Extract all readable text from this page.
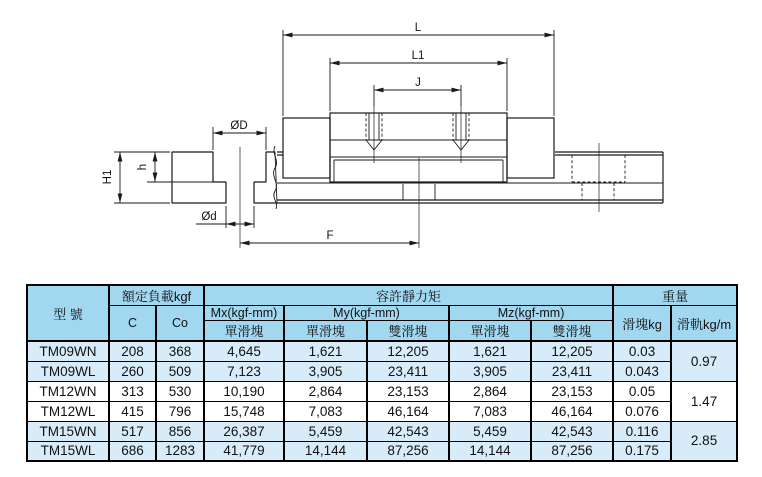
L
L1
J
ØD
H1
h
Ød
F
型 號	額定負載kgf		容許靜力矩					重量	
	C	Co	Mx(kgf-mm)	My(kgf-mm)		Mz(kgf-mm)		滑塊kg	滑軌kg/m
			單滑塊	單滑塊	雙滑塊	單滑塊	雙滑塊		
TM09WN	208	368	4,645	1,621	12,205	1,621	12,205	0.03	0.97
TM09WL	260	509	7,123	3,905	23,411	3,905	23,411	0.043	
TM12WN	313	530	10,190	2,864	23,153	2,864	23,153	0.05	1.47
TM12WL	415	796	15,748	7,083	46,164	7,083	46,164	0.076	
TM15WN	517	856	26,387	5,459	42,543	5,459	42,543	0.116	2.85
TM15WL	686	1283	41,779	14,144	87,256	14,144	87,256	0.175	
